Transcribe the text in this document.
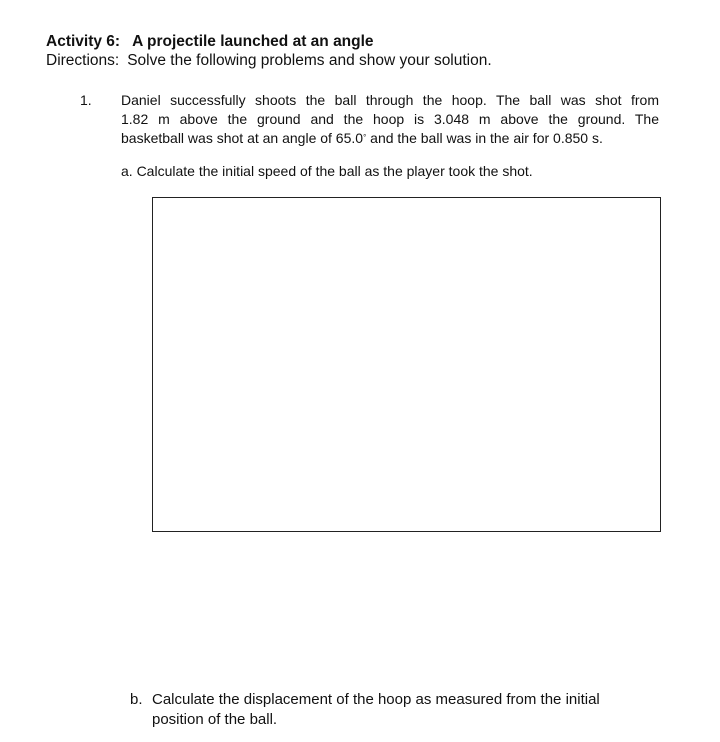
Activity 6: A projectile launched at an angle
Directions: Solve the following problems and show your solution.
1. Daniel successfully shoots the ball through the hoop. The ball was shot from
1.82 m above the ground and the hoop is 3.048 m above the ground. The
basketball was shot at an angle of 65.0° and the ball was in the air for 0.850 s.
a. Calculate the initial speed of the ball as the player took the shot.
b. Calculate the displacement of the hoop as measured from the initial
position of the ball.
